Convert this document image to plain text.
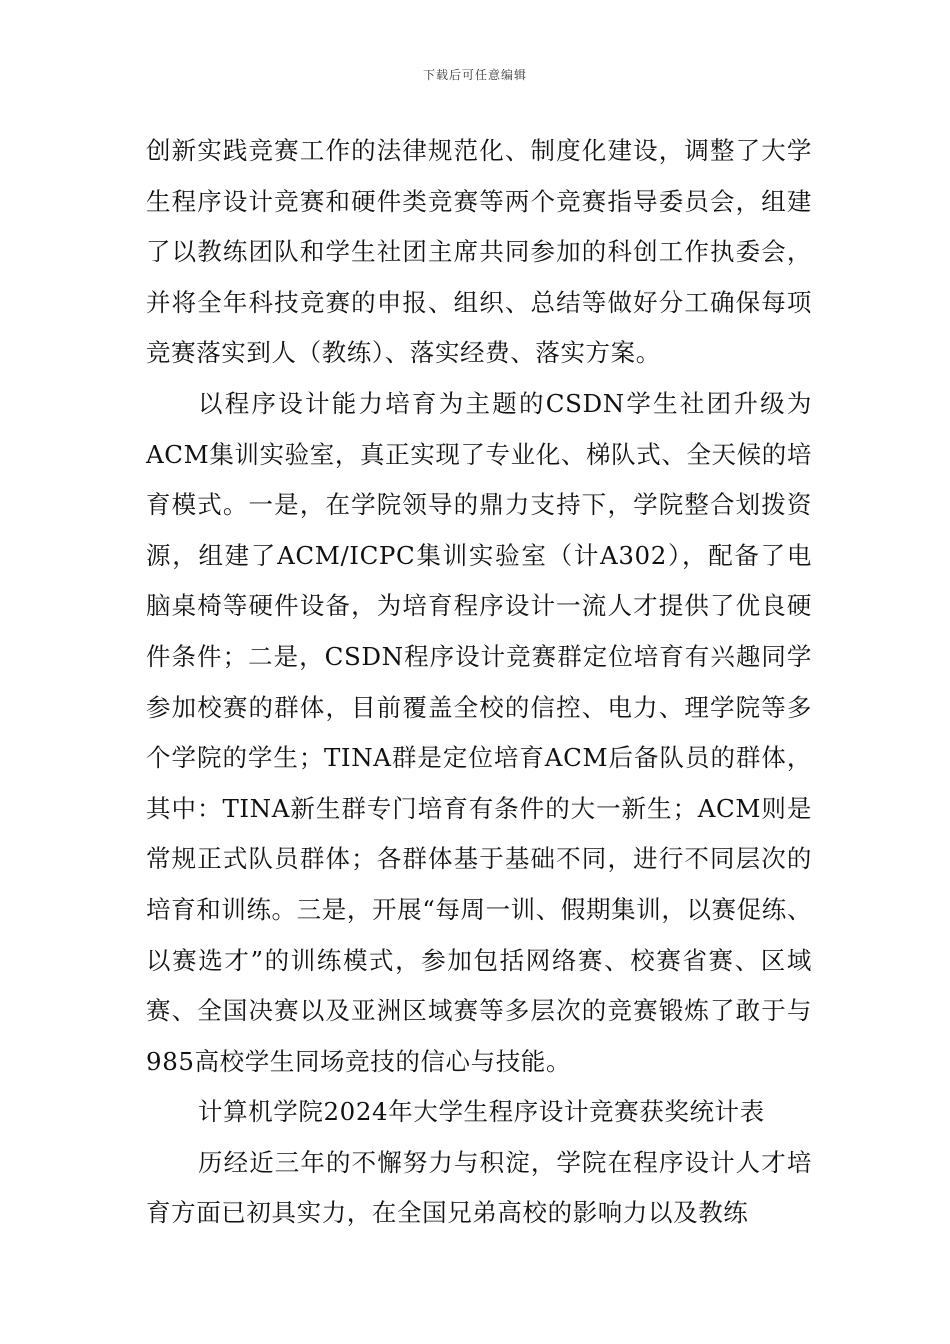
下载后可任意编辑

创新实践竞赛工作的法律规范化、制度化建设，调整了大学生程序设计竞赛和硬件类竞赛等两个竞赛指导委员会，组建了以教练团队和学生社团主席共同参加的科创工作执委会，并将全年科技竞赛的申报、组织、总结等做好分工确保每项竞赛落实到人（教练）、落实经费、落实方案。

以程序设计能力培育为主题的CSDN学生社团升级为ACM集训实验室，真正实现了专业化、梯队式、全天候的培育模式。一是，在学院领导的鼎力支持下，学院整合划拨资源，组建了ACM/ICPC集训实验室（计A302），配备了电脑桌椅等硬件设备，为培育程序设计一流人才提供了优良硬件条件；二是，CSDN程序设计竞赛群定位培育有兴趣同学参加校赛的群体，目前覆盖全校的信控、电力、理学院等多个学院的学生；TINA群是定位培育ACM后备队员的群体，其中：TINA新生群专门培育有条件的大一新生；ACM则是常规正式队员群体；各群体基于基础不同，进行不同层次的培育和训练。三是，开展“每周一训、假期集训，以赛促练、以赛选才”的训练模式，参加包括网络赛、校赛省赛、区域赛、全国决赛以及亚洲区域赛等多层次的竞赛锻炼了敢于与985高校学生同场竞技的信心与技能。

计算机学院2024年大学生程序设计竞赛获奖统计表

历经近三年的不懈努力与积淀，学院在程序设计人才培育方面已初具实力，在全国兄弟高校的影响力以及教练
